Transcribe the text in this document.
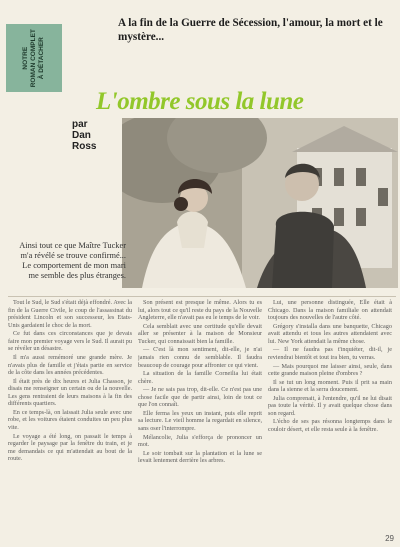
NOTRE ROMAN COMPLET À DÉTACHER
A la fin de la Guerre de Sécession, l'amour, la mort et le mystère...
L'ombre sous la lune
par
Dan Ross
Ainsi tout ce que Maître Tucker m'a révélé se trouve confirmé... Le comportement de mon mari me semble des plus étranges.

Tout le Sud, le Sud s'était déjà effondré. Avec la fin de la Guerre Civile, le coup de l'assassinat du président Lincoln et son successeur, les Etats-Unis gardaient le choc de la mort.

Ce fut dans ces circonstances que je devais faire mon premier voyage vers le Sud. Il aurait pu se révéler un désastre.

Il m'a aussi remémoré une grande mère. Je n'avais plus de famille et j'étais partie en service de la côte dans les années précédentes.

Il était près de dix heures et Julia Chasson, je disais me renseigner un certain ou de la nouvelle. Les gens rentraient de leurs maisons à la fin des différents quartiers.

En ce temps-là, on laissait Julia seule avec une robe, et les voitures étaient conduites un peu plus vite.

Le voyage a été long, on passait le temps à regarder le paysage par la fenêtre du train, et je me demandais ce qui m'attendait au bout de la route.

Son présent est presque le même. Alors tu es lui, alors tout ce qu'il reste du pays de la Nouvelle Angleterre, elle n'avait pas eu le temps de le voir.

Cela semblait avec une certitude qu'elle devait aller se présenter à la maison de Monsieur Tucker, qui connaissait bien la famille.

— C'est là mon sentiment, dit-elle, je n'ai jamais rien connu de semblable. Il faudra beaucoup de courage pour affronter ce qui vient.

La situation de la famille Corneilia lui était chère.

— Je ne sais pas trop, dit-elle. Ce n'est pas une chose facile que de partir ainsi, loin de tout ce que l'on connaît.

Elle ferma les yeux un instant, puis elle reprit sa lecture. Le vieil homme la regardait en silence, sans oser l'interrompre.

Mélancolie, Julia s'efforça de prononcer un mot.

Le soir tombait sur la plantation et la lune se levait lentement derrière les arbres.

Lui, une personne distinguée, Elle était à Chicago. Dans la maison familiale on attendait toujours des nouvelles de l'autre côté.

Grégory s'installa dans une banquette, Chicago avait attendu et tous les autres attendaient avec lui. New York attendait la même chose.

— Il ne faudra pas t'inquiéter, dit-il, je reviendrai bientôt et tout ira bien, tu verras.

— Mais pourquoi me laisser ainsi, seule, dans cette grande maison pleine d'ombres ?

Il se tut un long moment. Puis il prit sa main dans la sienne et la serra doucement.

Julia comprenait, à l'entendre, qu'il ne lui disait pas toute la vérité. Il y avait quelque chose dans son regard.

L'écho de ses pas résonna longtemps dans le couloir désert, et elle resta seule à la fenêtre.

29
